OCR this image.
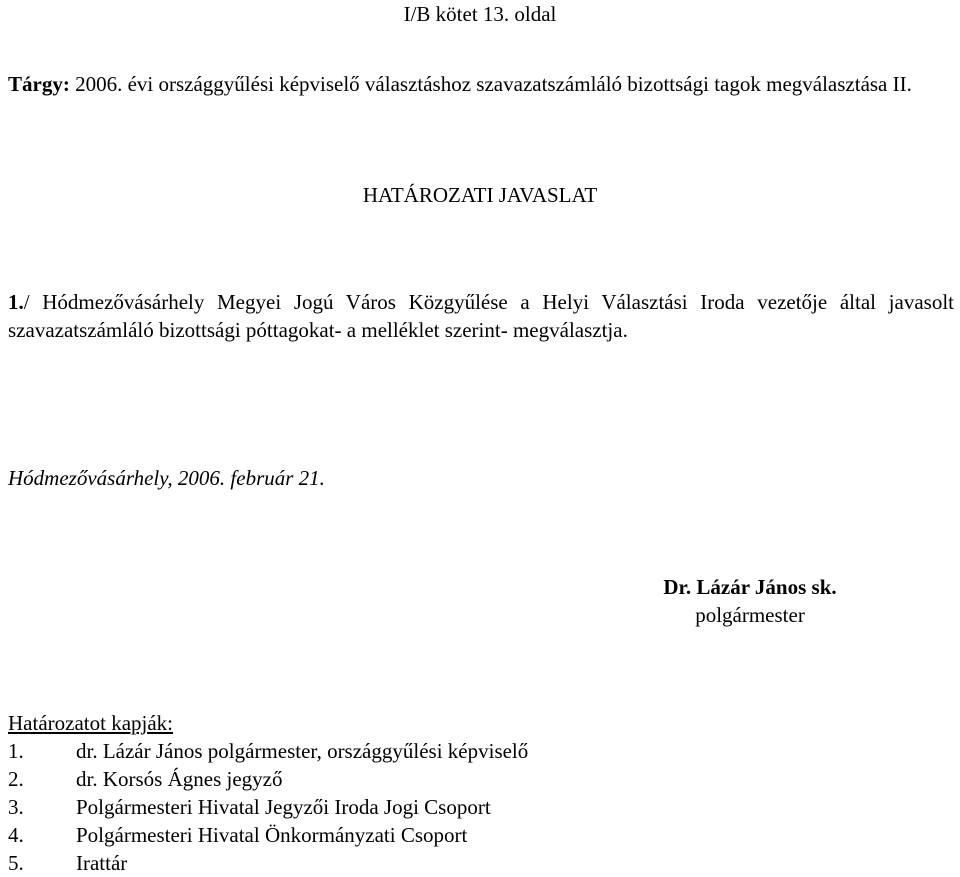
I/B kötet 13. oldal
Tárgy: 2006. évi országgyűlési képviselő választáshoz szavazatszámláló bizottsági tagok megválasztása II.
HATÁROZATI JAVASLAT
1./ Hódmezővásárhely Megyei Jogú Város Közgyűlése a Helyi Választási Iroda vezetője által javasolt szavazatszámláló bizottsági póttagokat- a melléklet szerint- megválasztja.
Hódmezővásárhely, 2006. február 21.
Dr. Lázár János sk.
polgármester
Határozatot kapják:
1.	dr. Lázár János polgármester, országgyűlési képviselő
2.	dr. Korsós Ágnes jegyző
3.	Polgármesteri Hivatal Jegyzői Iroda Jogi Csoport
4.	Polgármesteri Hivatal Önkormányzati Csoport
5.	Irattár
